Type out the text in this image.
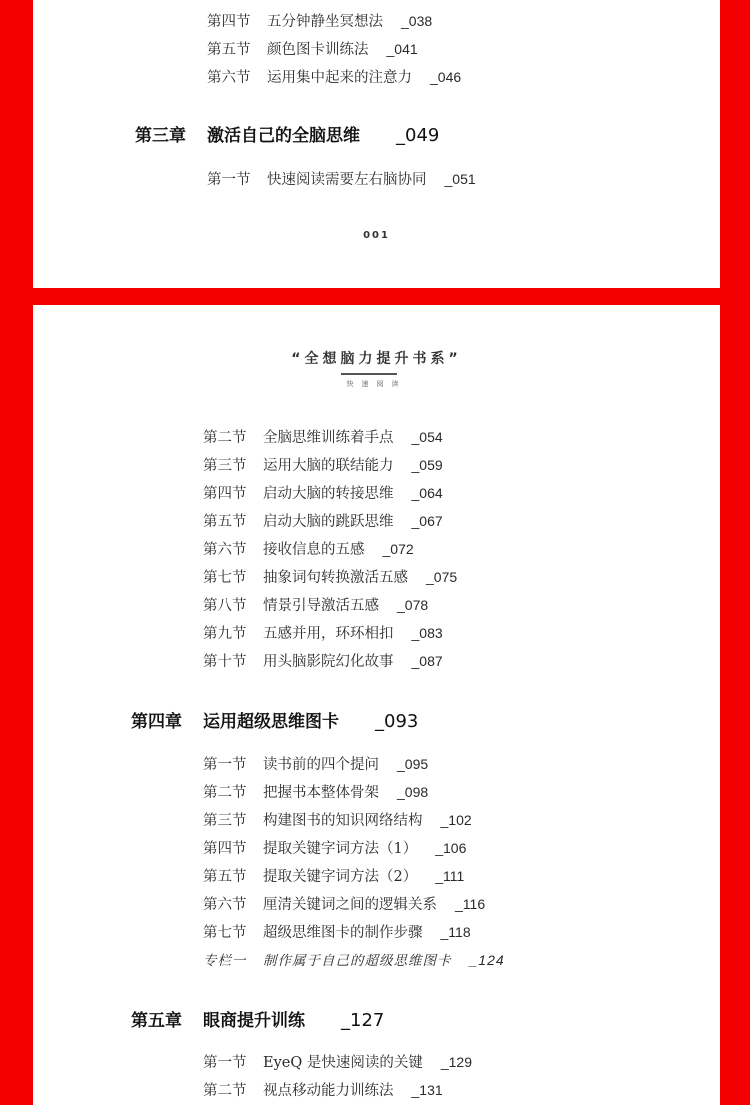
第四节 五分钟静坐冥想法 _038
第五节 颜色图卡训练法 _041
第六节 运用集中起来的注意力 _046
第三章 激活自己的全脑思维 _049
第一节 快速阅读需要左右脑协同 _051
001
“全想脑力提升书系”
快速阅读
第二节 全脑思维训练着手点 _054
第三节 运用大脑的联结能力 _059
第四节 启动大脑的转接思维 _064
第五节 启动大脑的跳跃思维 _067
第六节 接收信息的五感 _072
第七节 抽象词句转换激活五感 _075
第八节 情景引导激活五感 _078
第九节 五感并用，环环相扣 _083
第十节 用头脑影院幻化故事 _087
第四章 运用超级思维图卡 _093
第一节 读书前的四个提问 _095
第二节 把握书本整体骨架 _098
第三节 构建图书的知识网络结构 _102
第四节 提取关键字词方法（1） _106
第五节 提取关键字词方法（2） _111
第六节 厘清关键词之间的逻辑关系 _116
第七节 超级思维图卡的制作步骤 _118
专栏一 制作属于自己的超级思维图卡 _124
第五章 眼商提升训练 _127
第一节 EyeQ 是快速阅读的关键 _129
第二节 视点移动能力训练法 _131
